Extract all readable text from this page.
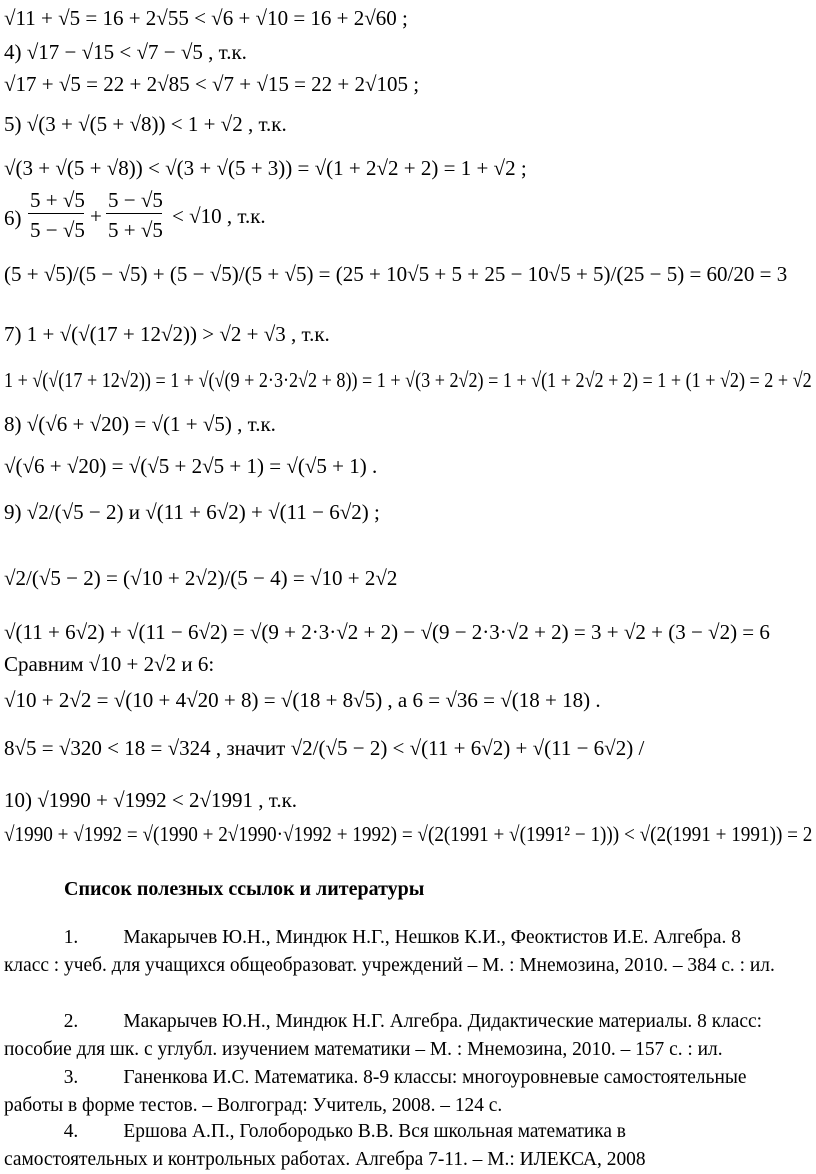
√11 + √5 = 16 + 2√55 < √6 + √10 = 16 + 2√60 ;
4) √17 − √15 < √7 − √5 , т.к.
√17 + √5 = 22 + 2√85 < √7 + √15 = 22 + 2√105 ;
5) √(3 + √(5 + √8)) < 1 + √2 , т.к.
√(3 + √(5 + √8)) < √(3 + √(5 + 3)) = √(1 + 2√2 + 2) = 1 + √2 ;
6)
5 + √5
5 − √5
+
5 − √5
5 + √5
< √10 , т.к.
(5 + √5)/(5 − √5) + (5 − √5)/(5 + √5) = (25 + 10√5 + 5 + 25 − 10√5 + 5)/(25 − 5) = 60/20 = 3
7) 1 + √(√(17 + 12√2)) > √2 + √3 , т.к.
1 + √(√(17 + 12√2)) = 1 + √(√(9 + 2·3·2√2 + 8)) = 1 + √(3 + 2√2) = 1 + √(1 + 2√2 + 2) = 1 + (1 + √2) = 2 + √2
8) √(√6 + √20) = √(1 + √5) , т.к.
√(√6 + √20) = √(√5 + 2√5 + 1) = √(√5 + 1) .
9) √2/(√5 − 2) и √(11 + 6√2) + √(11 − 6√2) ;
√2/(√5 − 2) = (√10 + 2√2)/(5 − 4) = √10 + 2√2
√(11 + 6√2) + √(11 − 6√2) = √(9 + 2·3·√2 + 2) − √(9 − 2·3·√2 + 2) = 3 + √2 + (3 − √2) = 6
Сравним √10 + 2√2 и 6:
√10 + 2√2 = √(10 + 4√20 + 8) = √(18 + 8√5) , а 6 = √36 = √(18 + 18) .
8√5 = √320 < 18 = √324 , значит √2/(√5 − 2) < √(11 + 6√2) + √(11 − 6√2) /
10) √1990 + √1992 < 2√1991 , т.к.
√1990 + √1992 = √(1990 + 2√1990·√1992 + 1992) = √(2(1991 + √(1991² − 1))) < √(2(1991 + 1991)) = 2
Список полезных ссылок и литературы
1.	Макарычев Ю.Н., Миндюк Н.Г., Нешков К.И., Феоктистов И.Е. Алгебра. 8
класс : учеб. для учащихся общеобразоват. учреждений – М. : Мнемозина, 2010. – 384 с. : ил.
2.	Макарычев Ю.Н., Миндюк Н.Г. Алгебра. Дидактические материалы. 8 класс:
пособие для шк. с углубл. изучением математики – М. : Мнемозина, 2010. – 157 с. : ил.
3.	Ганенкова И.С. Математика. 8-9 классы: многоуровневые самостоятельные
работы в форме тестов. – Волгоград: Учитель, 2008. – 124 с.
4.	Ершова А.П., Голобородько В.В. Вся школьная математика в
самостоятельных и контрольных работах. Алгебра 7-11. – М.: ИЛЕКСА, 2008
